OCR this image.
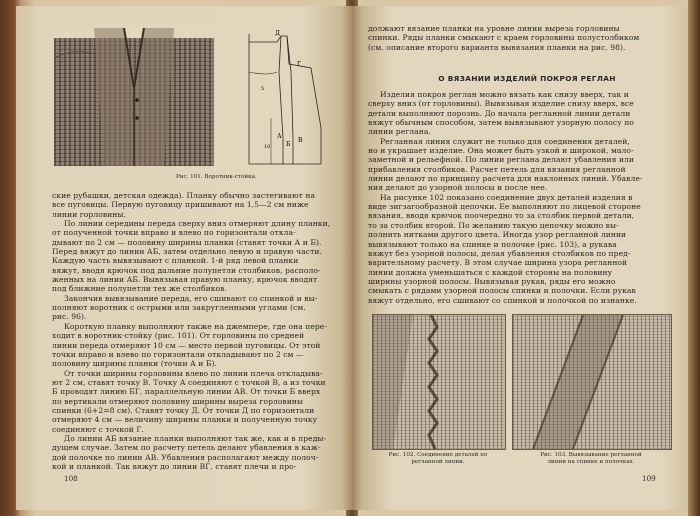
Д
Г
В
А
Б
5
10
Рис. 101. Воротник-стойка.

ские рубашки, детская одежда). Планку обычно застегивают на

все пуговицы. Первую пуговицу пришивают на 1,5—2 см ниже

линии горловины.

По линии середины переда сверху вниз отмеряют длину планки,

от полученной точки вправо и влево по горизонтали откла-

дывают по 2 см — половину ширины планки (ставят точки А и Б).

Перед вяжут до линии АБ, затем отдельно левую и правую части.

Каждую часть вывязывают с планкой. 1-й ряд левой планки

вяжут, вводя крючок под дальние полупетли столбиков, располо-

женных на линии АБ. Вывязывая правую планку, крючок вводят

под ближние полупетли тех же столбиков.

Закончив вывязывание переда, его сшивают со спинкой и вы-

полняют воротник с острыми или закругленными углами (см.

рис. 96).

Короткую планку выполняют также на джемпере, где она пере-

ходит в воротник-стойку (рис. 101). От горловины по средней

линии переда отмеряют 10 см — место первой пуговицы. От этой

точки вправо и влево по горизонтали откладывают по 2 см —

половину ширины планки (точки А и Б).

От точки ширины горловины влево по линии плеча откладыва-

ют 2 см, ставят точку В. Точку А соединяют с точкой В, а из точки

Б проводят линию БГ, параллельную линии АВ. От точки Б вверх

по вертикали отмеряют половину ширины выреза горловины

спинки (6+2=8 см). Ставят точку Д. От точки Д по горизонтали

отмеряют 4 см — величину ширины планки и полученную точку

соединяют с точкой Г.

До линии АБ вязание планки выполняют так же, как и в преды-

дущем случае. Затем по расчету петель делают убавления в каж-

дой полочке по линии АВ. Убавления располагают между полоч-

кой и планкой. Так вяжут до линии ВГ, ставят плечи и про-

108

должают вязание планки на уровне линии выреза горловины

спинки. Ряды планки смыкают с краем горловины полустолбиком

(см. описание второго варианта вывязания планки на рис. 98).

О ВЯЗАНИИ ИЗДЕЛИЙ ПОКРОЯ РЕГЛАН

Изделия покроя реглан можно вязать как снизу вверх, так и

сверху вниз (от горловины). Вывязывая изделие снизу вверх, все

детали выполняют порознь. До начала регланной линии детали

вяжут обычным способом, затем вывязывают узорную полосу по

линии реглана.

Регланная линия служит не только для соединения деталей,

но и украшает изделие. Она может быть узкой и широкой, мало-

заметной и рельефной. По линии реглана делают убавления или

прибавления столбиков. Расчет петель для вязания регланной

линии делают по принципу расчета для наклонных линий. Убавле-

ния делают до узорной полосы и после нее.

На рисунке 102 показано соединение двух деталей изделия в

виде зигзагообразной цепочки. Ее выполняют по лицевой стороне

вязания, вводя крючок поочередно то за столбик первой детали,

то за столбик второй. По желанию такую цепочку можно вы-

полнить нитками другого цвета. Иногда узор регланной линии

вывязывают только на спинке и полочке (рис. 103), а рукава

вяжут без узорной полосы, делая убавления столбиков по пред-

варительному расчету. В этом случае ширина узора регланной

линии должна уменьшаться с каждой стороны на половину

ширины узорной полосы. Вывязывая рукав, ряды его можно

смыкать с рядами узорной полосы спинки и полочки. Если рукав

вяжут отдельно, его сшивают со спинкой и полочкой по изнанке.

Рис. 102. Соединение деталей по
регланной линии.
Рис. 103. Вывязывание регланной
линии на спинке и полочках.
109
